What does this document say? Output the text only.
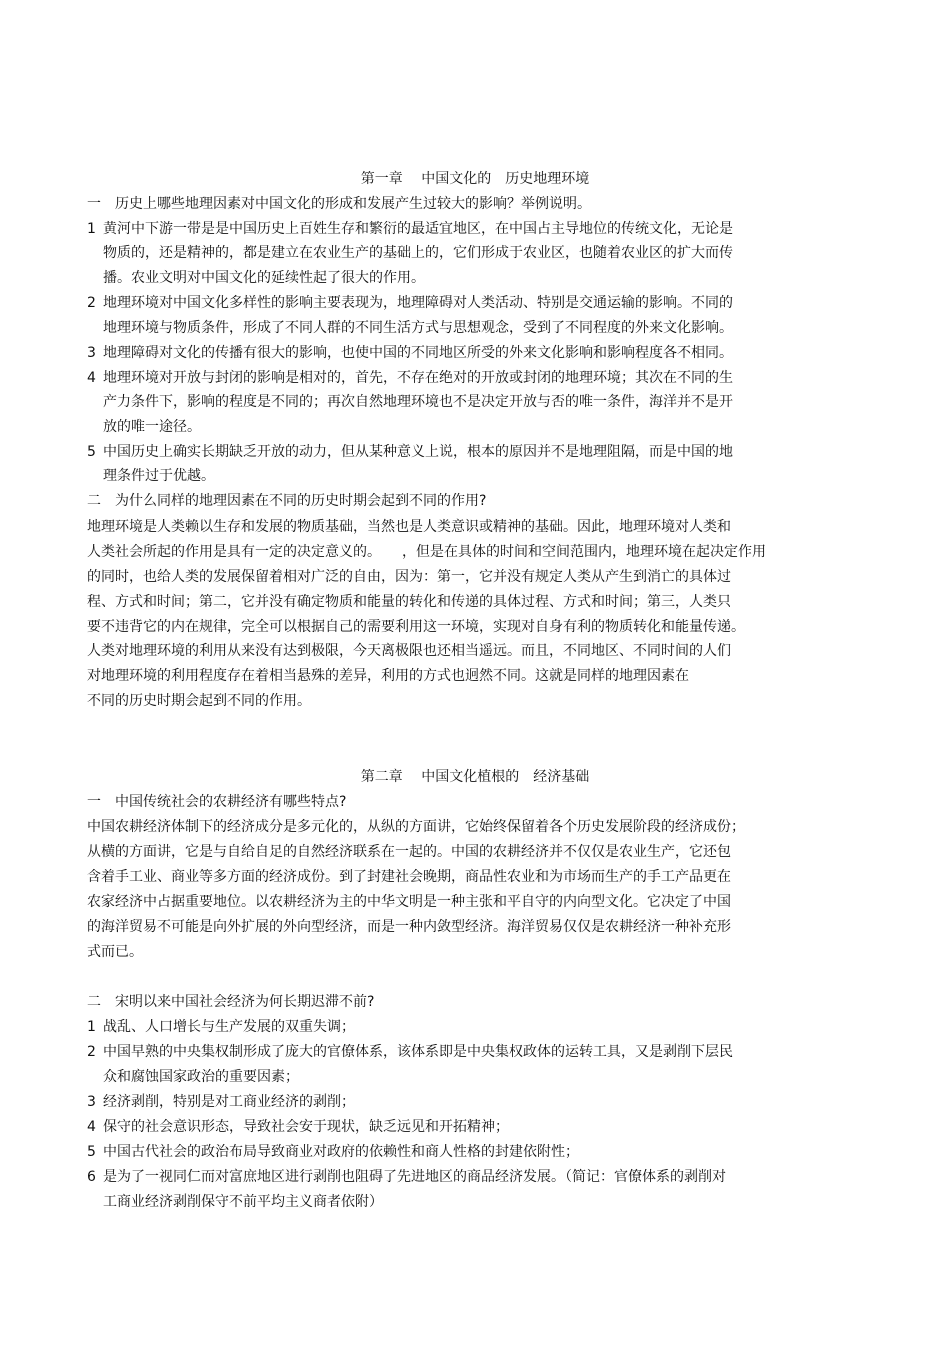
第一章　 中国文化的　历史地理环境
一　历史上哪些地理因素对中国文化的形成和发展产生过较大的影响？举例说明。
1 黄河中下游一带是是中国历史上百姓生存和繁衍的最适宜地区，在中国占主导地位的传统文化，无论是
物质的，还是精神的，都是建立在农业生产的基础上的，它们形成于农业区，也随着农业区的扩大而传
播。农业文明对中国文化的延续性起了很大的作用。
2 地理环境对中国文化多样性的影响主要表现为，地理障碍对人类活动、特别是交通运输的影响。不同的
地理环境与物质条件，形成了不同人群的不同生活方式与思想观念，受到了不同程度的外来文化影响。
3 地理障碍对文化的传播有很大的影响，也使中国的不同地区所受的外来文化影响和影响程度各不相同。
4 地理环境对开放与封闭的影响是相对的，首先，不存在绝对的开放或封闭的地理环境；其次在不同的生
产力条件下，影响的程度是不同的；再次自然地理环境也不是决定开放与否的唯一条件，海洋并不是开
放的唯一途径。
5 中国历史上确实长期缺乏开放的动力，但从某种意义上说，根本的原因并不是地理阻隔，而是中国的地
理条件过于优越。
二　为什么同样的地理因素在不同的历史时期会起到不同的作用?
地理环境是人类赖以生存和发展的物质基础，当然也是人类意识或精神的基础。因此，地理环境对人类和
人类社会所起的作用是具有一定的决定意义的。　　，但是在具体的时间和空间范围内，地理环境在起决定作用
的同时，也给人类的发展保留着相对广泛的自由，因为：第一，它并没有规定人类从产生到消亡的具体过
程、方式和时间；第二，它并没有确定物质和能量的转化和传递的具体过程、方式和时间；第三，人类只
要不违背它的内在规律，完全可以根据自己的需要利用这一环境，实现对自身有利的物质转化和能量传递。
人类对地理环境的利用从来没有达到极限，今天离极限也还相当遥远。而且，不同地区、不同时间的人们
对地理环境的利用程度存在着相当悬殊的差异，利用的方式也迥然不同。这就是同样的地理因素在
不同的历史时期会起到不同的作用。
第二章　 中国文化植根的　经济基础
一　中国传统社会的农耕经济有哪些特点?
中国农耕经济体制下的经济成分是多元化的，从纵的方面讲，它始终保留着各个历史发展阶段的经济成份；
从横的方面讲，它是与自给自足的自然经济联系在一起的。中国的农耕经济并不仅仅是农业生产，它还包
含着手工业、商业等多方面的经济成份。到了封建社会晚期，商品性农业和为市场而生产的手工产品更在
农家经济中占据重要地位。以农耕经济为主的中华文明是一种主张和平自守的内向型文化。它决定了中国
的海洋贸易不可能是向外扩展的外向型经济，而是一种内敛型经济。海洋贸易仅仅是农耕经济一种补充形
式而已。
二　宋明以来中国社会经济为何长期迟滞不前?
1 战乱、人口增长与生产发展的双重失调；
2 中国早熟的中央集权制形成了庞大的官僚体系，该体系即是中央集权政体的运转工具，又是剥削下层民
众和腐蚀国家政治的重要因素；
3 经济剥削，特别是对工商业经济的剥削；
4 保守的社会意识形态，导致社会安于现状，缺乏远见和开拓精神；
5 中国古代社会的政治布局导致商业对政府的依赖性和商人性格的封建依附性；
6 是为了一视同仁而对富庶地区进行剥削也阻碍了先进地区的商品经济发展。（简记：官僚体系的剥削对
工商业经济剥削保守不前平均主义商者依附）
